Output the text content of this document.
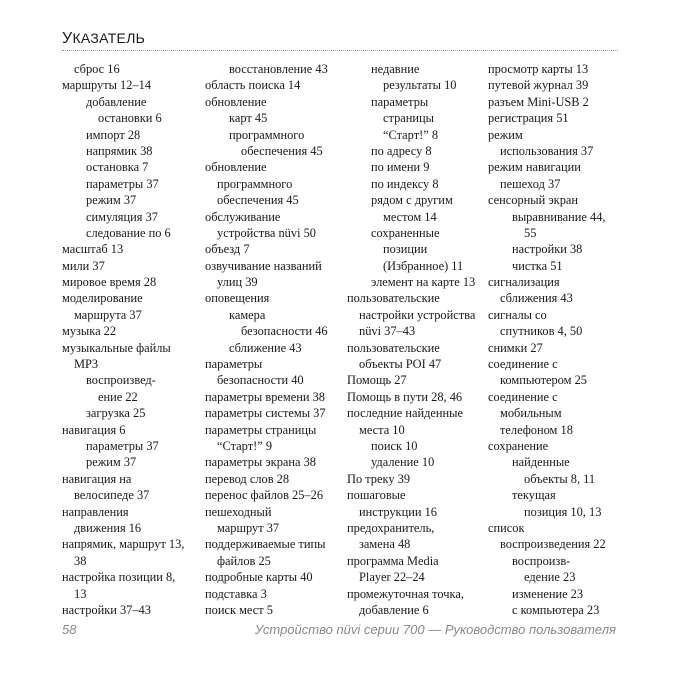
УКАЗАТЕЛЬ
сброс 16
маршруты 12–14
добавление
остановки 6
импорт 28
напрямик 38
остановка 7
параметры 37
режим 37
симуляция 37
следование по 6
масштаб 13
мили 37
мировое время 28
моделирование
маршрута 37
музыка 22
музыкальные файлы
MP3
воспроизвед-
ение 22
загрузка 25
навигация 6
параметры 37
режим 37
навигация на
велосипеде 37
направления
движения 16
напрямик, маршрут 13,
38
настройка позиции 8,
13
настройки 37–43
восстановление 43
область поиска 14
обновление
карт 45
программного
обеспечения 45
обновление
программного
обеспечения 45
обслуживание
устройства nüvi 50
объезд 7
озвучивание названий
улиц 39
оповещения
камера
безопасности 46
сближение 43
параметры
безопасности 40
параметры времени 38
параметры системы 37
параметры страницы
“Старт!” 9
параметры экрана 38
перевод слов 28
перенос файлов 25–26
пешеходный
маршрут 37
поддерживаемые типы
файлов 25
подробные карты 40
подставка 3
поиск мест 5
недавние
результаты 10
параметры
страницы
“Старт!” 8
по адресу 8
по имени 9
по индексу 8
рядом с другим
местом 14
сохраненные
позиции
(Избранное) 11
элемент на карте 13
пользовательские
настройки устройства
nüvi 37–43
пользовательские
объекты POI 47
Помощь 27
Помощь в пути 28, 46
последние найденные
места 10
поиск 10
удаление 10
По треку 39
пошаговые
инструкции 16
предохранитель,
замена 48
программа Media
Player 22–24
промежуточная точка,
добавление 6
просмотр карты 13
путевой журнал 39
разъем Mini-USB 2
регистрация 51
режим
использования 37
режим навигации
пешеход 37
сенсорный экран
выравнивание 44,
55
настройки 38
чистка 51
сигнализация
сближения 43
сигналы со
спутников 4, 50
снимки 27
соединение с
компьютером 25
соединение с
мобильным
телефоном 18
сохранение
найденные
объекты 8, 11
текущая
позиция 10, 13
список
воспроизведения 22
воспроизв-
едение 23
изменение 23
с компьютера 23
58	Устройство nüvi серии 700 — Руководство пользователя
